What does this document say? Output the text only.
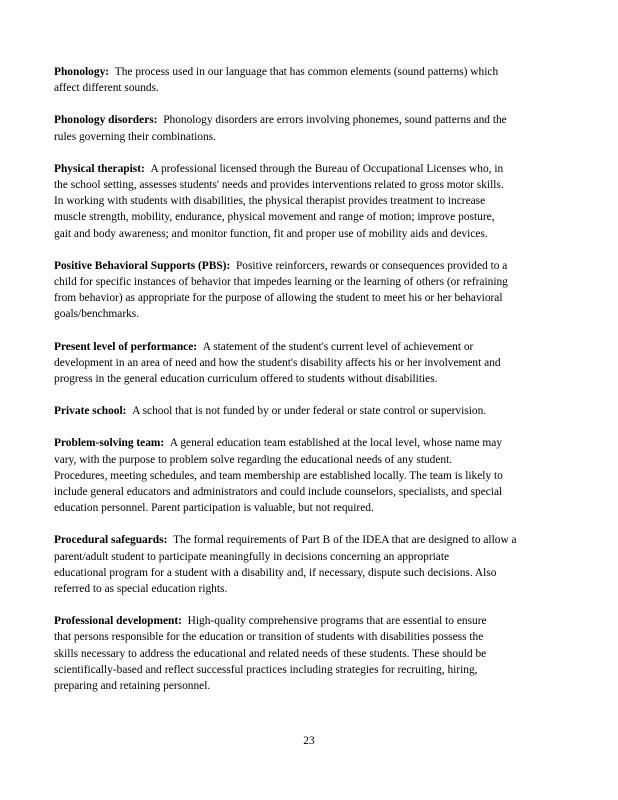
Phonology: The process used in our language that has common elements (sound patterns) which
affect different sounds.
Phonology disorders: Phonology disorders are errors involving phonemes, sound patterns and the
rules governing their combinations.
Physical therapist: A professional licensed through the Bureau of Occupational Licenses who, in
the school setting, assesses students' needs and provides interventions related to gross motor skills.
In working with students with disabilities, the physical therapist provides treatment to increase
muscle strength, mobility, endurance, physical movement and range of motion; improve posture,
gait and body awareness; and monitor function, fit and proper use of mobility aids and devices.
Positive Behavioral Supports (PBS): Positive reinforcers, rewards or consequences provided to a
child for specific instances of behavior that impedes learning or the learning of others (or refraining
from behavior) as appropriate for the purpose of allowing the student to meet his or her behavioral
goals/benchmarks.
Present level of performance: A statement of the student's current level of achievement or
development in an area of need and how the student's disability affects his or her involvement and
progress in the general education curriculum offered to students without disabilities.
Private school: A school that is not funded by or under federal or state control or supervision.
Problem-solving team: A general education team established at the local level, whose name may
vary, with the purpose to problem solve regarding the educational needs of any student.
Procedures, meeting schedules, and team membership are established locally. The team is likely to
include general educators and administrators and could include counselors, specialists, and special
education personnel. Parent participation is valuable, but not required.
Procedural safeguards: The formal requirements of Part B of the IDEA that are designed to allow a
parent/adult student to participate meaningfully in decisions concerning an appropriate
educational program for a student with a disability and, if necessary, dispute such decisions. Also
referred to as special education rights.
Professional development: High-quality comprehensive programs that are essential to ensure
that persons responsible for the education or transition of students with disabilities possess the
skills necessary to address the educational and related needs of these students. These should be
scientifically-based and reflect successful practices including strategies for recruiting, hiring,
preparing and retaining personnel.
23
